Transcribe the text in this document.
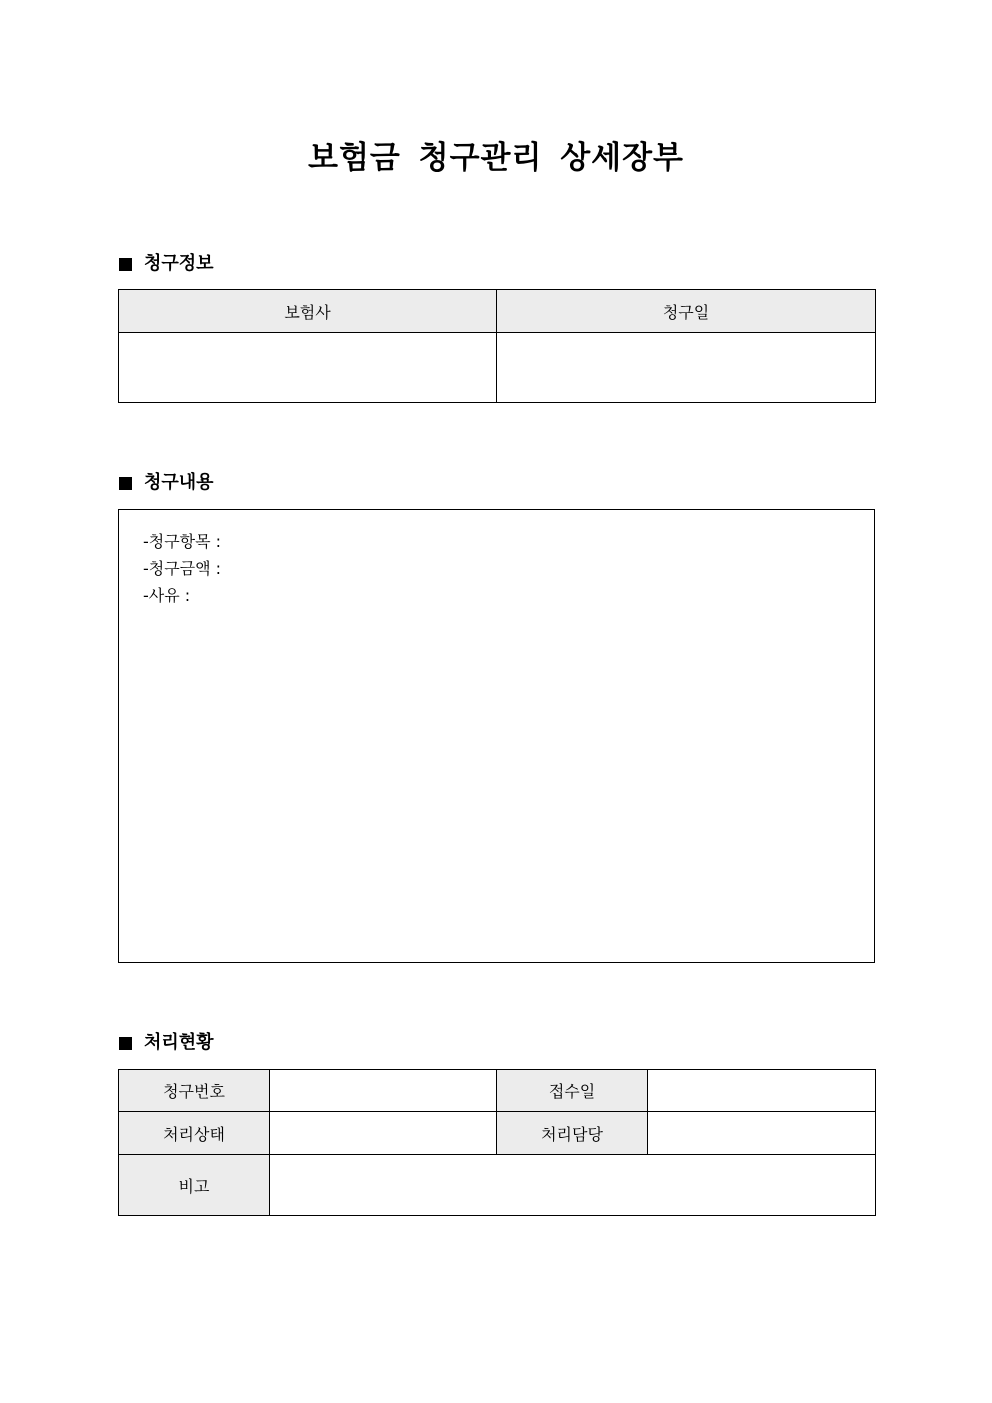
보험금 청구관리 상세장부
청구정보
보험사	청구일

청구내용
-청구항목 :
-청구금액 :
-사유 :
처리현황
청구번호		접수일	
처리상태		처리담당	
비고			
